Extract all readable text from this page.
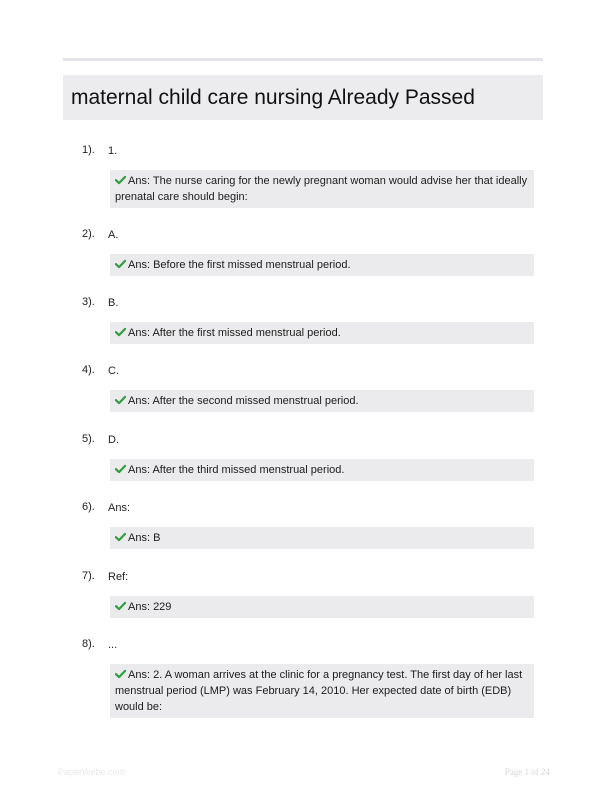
maternal child care nursing Already Passed
1). 1.
Ans: The nurse caring for the newly pregnant woman would advise her that ideally prenatal care should begin:
2). A.
Ans: Before the first missed menstrual period.
3). B.
Ans: After the first missed menstrual period.
4). C.
Ans: After the second missed menstrual period.
5). D.
Ans: After the third missed menstrual period.
6). Ans:
Ans: B
7). Ref:
Ans: 229
8). ...
Ans: 2. A woman arrives at the clinic for a pregnancy test. The first day of her last menstrual period (LMP) was February 14, 2010. Her expected date of birth (EDB) would be:
PaperWebe.com	Page 1 of 24
